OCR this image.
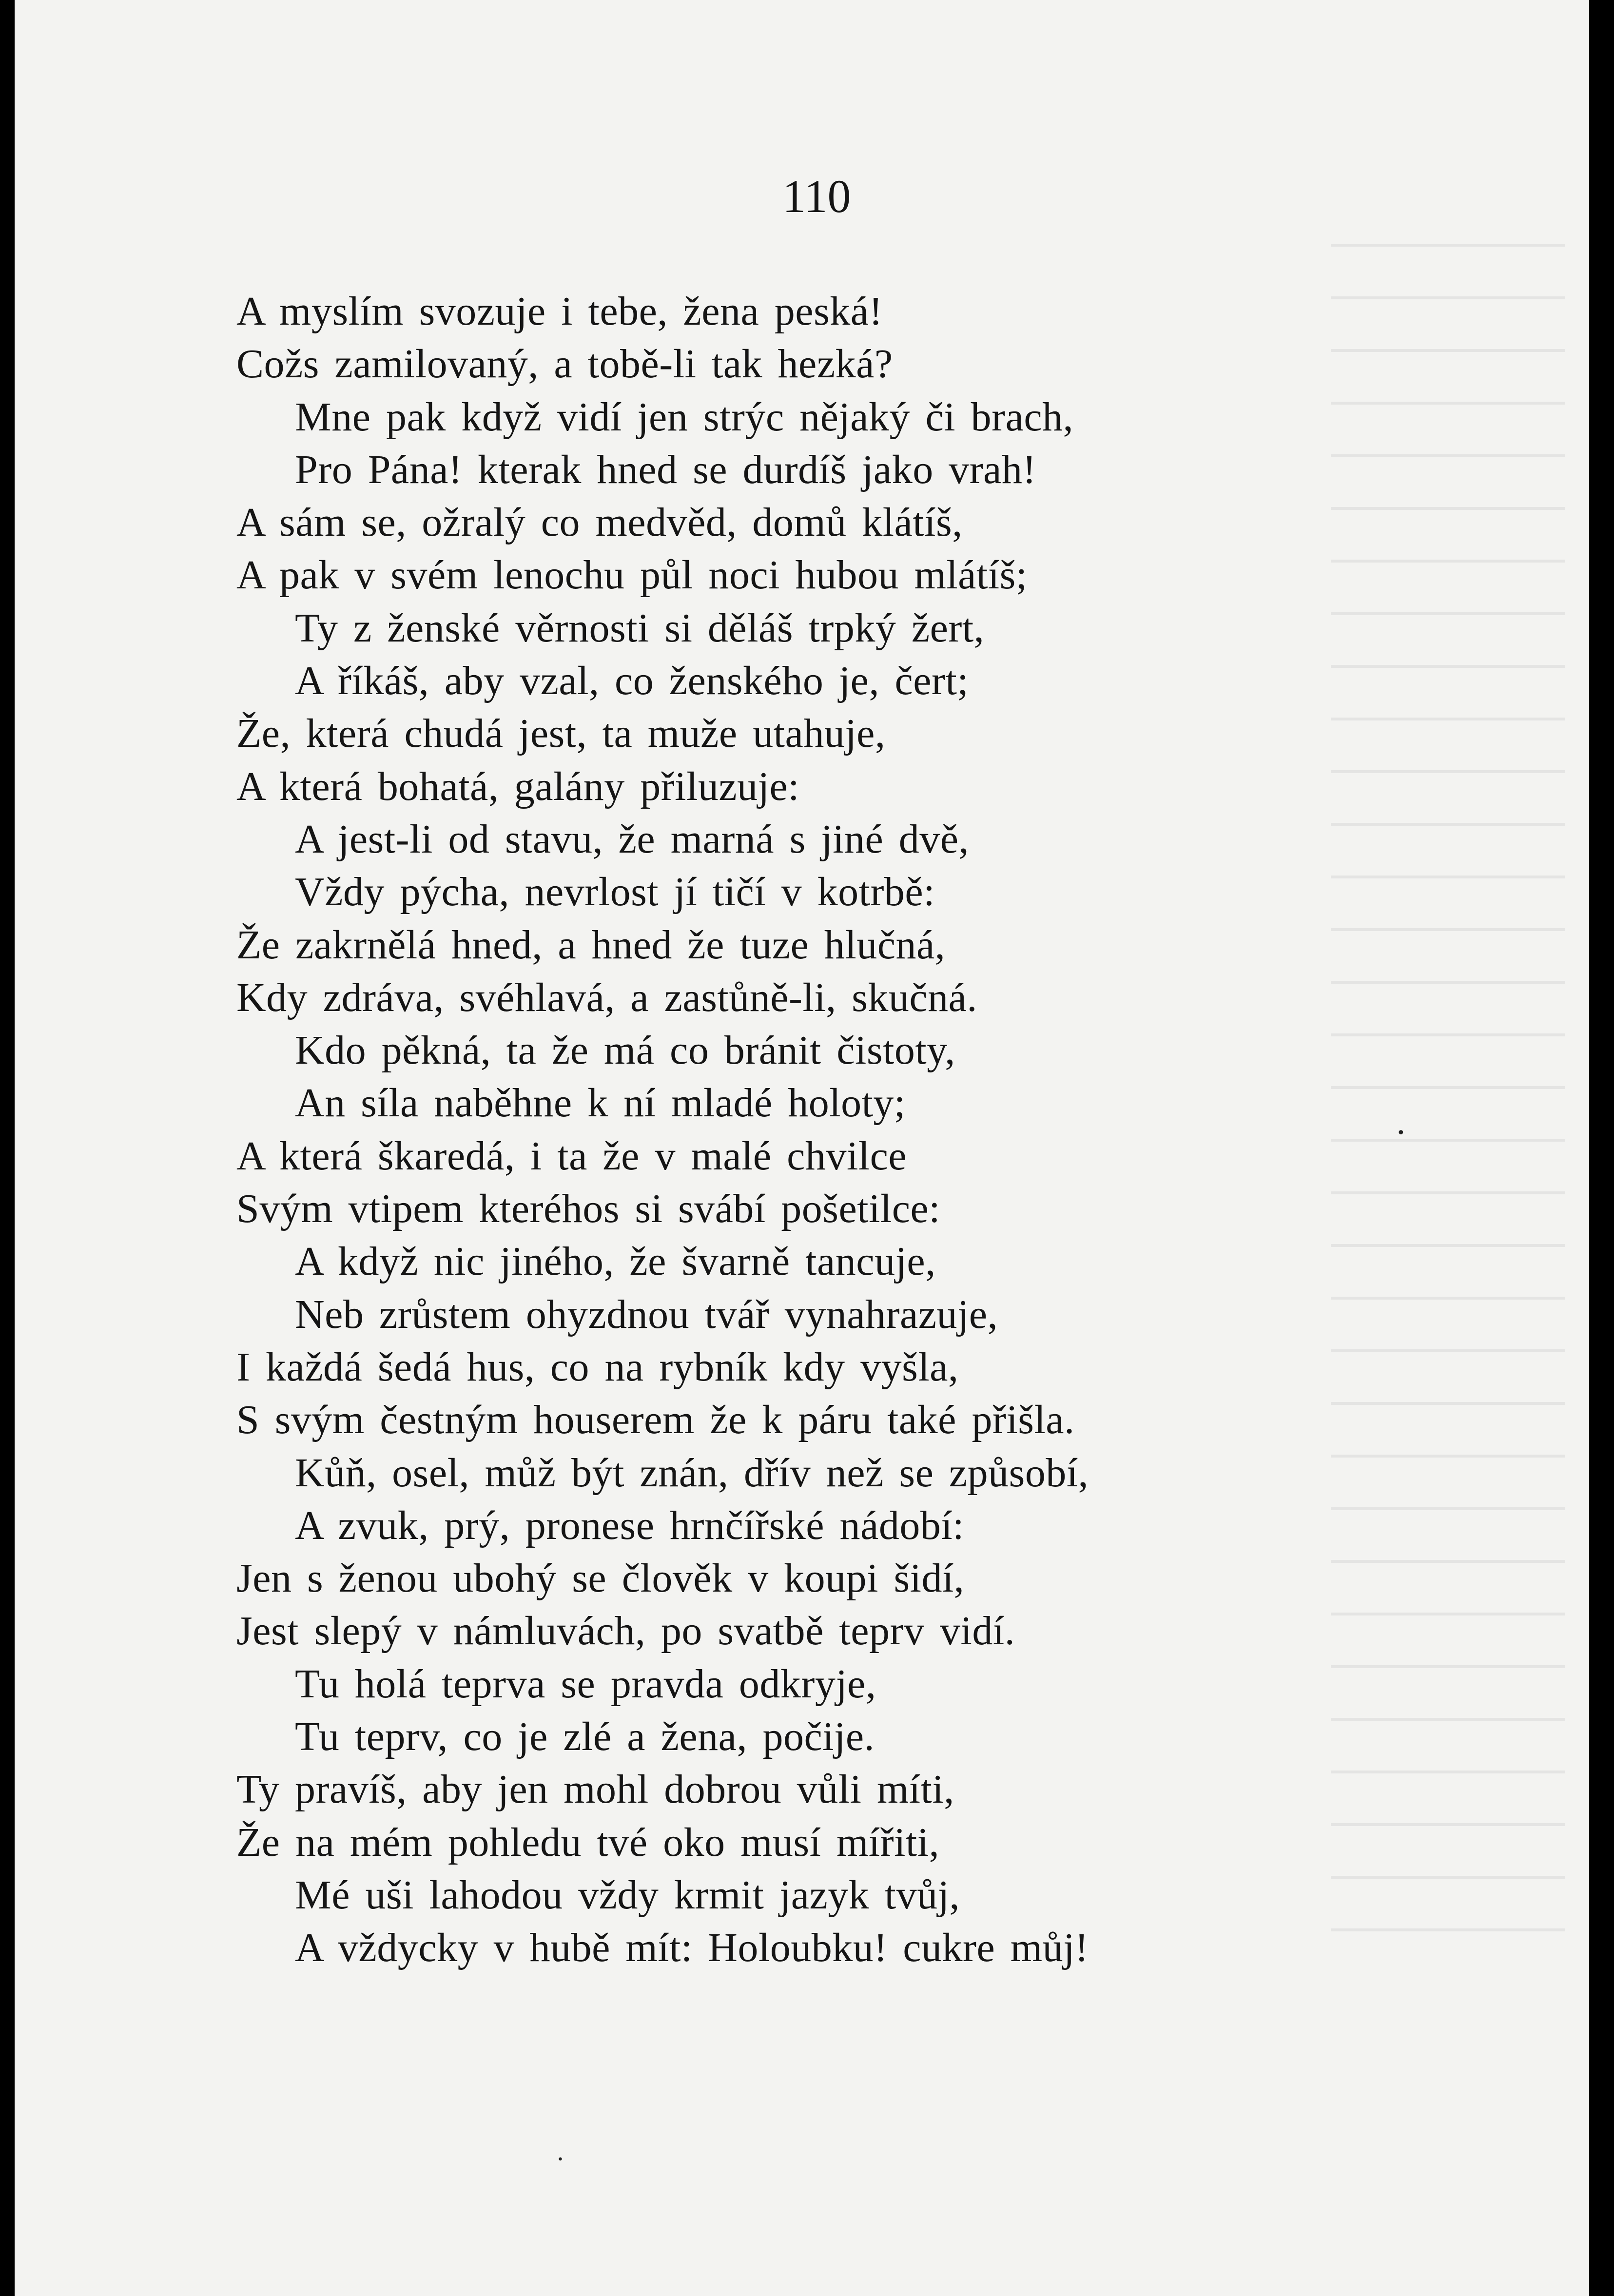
110

A myslím svozuje i tebe, žena peská!
Cožs zamilovaný, a tobě-li tak hezká?
Mne pak když vidí jen strýc nějaký či brach,
Pro Pána! kterak hned se durdíš jako vrah!
A sám se, ožralý co medvěd, domů klátíš,
A pak v svém lenochu půl noci hubou mlátíš;
Ty z ženské věrnosti si děláš trpký žert,
A říkáš, aby vzal, co ženského je, čert;
Že, která chudá jest, ta muže utahuje,
A která bohatá, galány přiluzuje:
A jest-li od stavu, že marná s jiné dvě,
Vždy pýcha, nevrlost jí tičí v kotrbě:
Že zakrnělá hned, a hned že tuze hlučná,
Kdy zdráva, svéhlavá, a zastůně-li, skučná.
Kdo pěkná, ta že má co bránit čistoty,
An síla naběhne k ní mladé holoty;
A která škaredá, i ta že v malé chvilce
Svým vtipem kteréhos si svábí pošetilce:
A když nic jiného, že švarně tancuje,
Neb zrůstem ohyzdnou tvář vynahrazuje,
I každá šedá hus, co na rybník kdy vyšla,
S svým čestným houserem že k páru také přišla.
Kůň, osel, můž být znán, dřív než se způsobí,
A zvuk, prý, pronese hrnčířské nádobí:
Jen s ženou ubohý se člověk v koupi šidí,
Jest slepý v námluvách, po svatbě teprv vidí.
Tu holá teprva se pravda odkryje,
Tu teprv, co je zlé a žena, počije.
Ty pravíš, aby jen mohl dobrou vůli míti,
Že na mém pohledu tvé oko musí mířiti,
Mé uši lahodou vždy krmit jazyk tvůj,
A vždycky v hubě mít: Holoubku! cukre můj!
•
•
